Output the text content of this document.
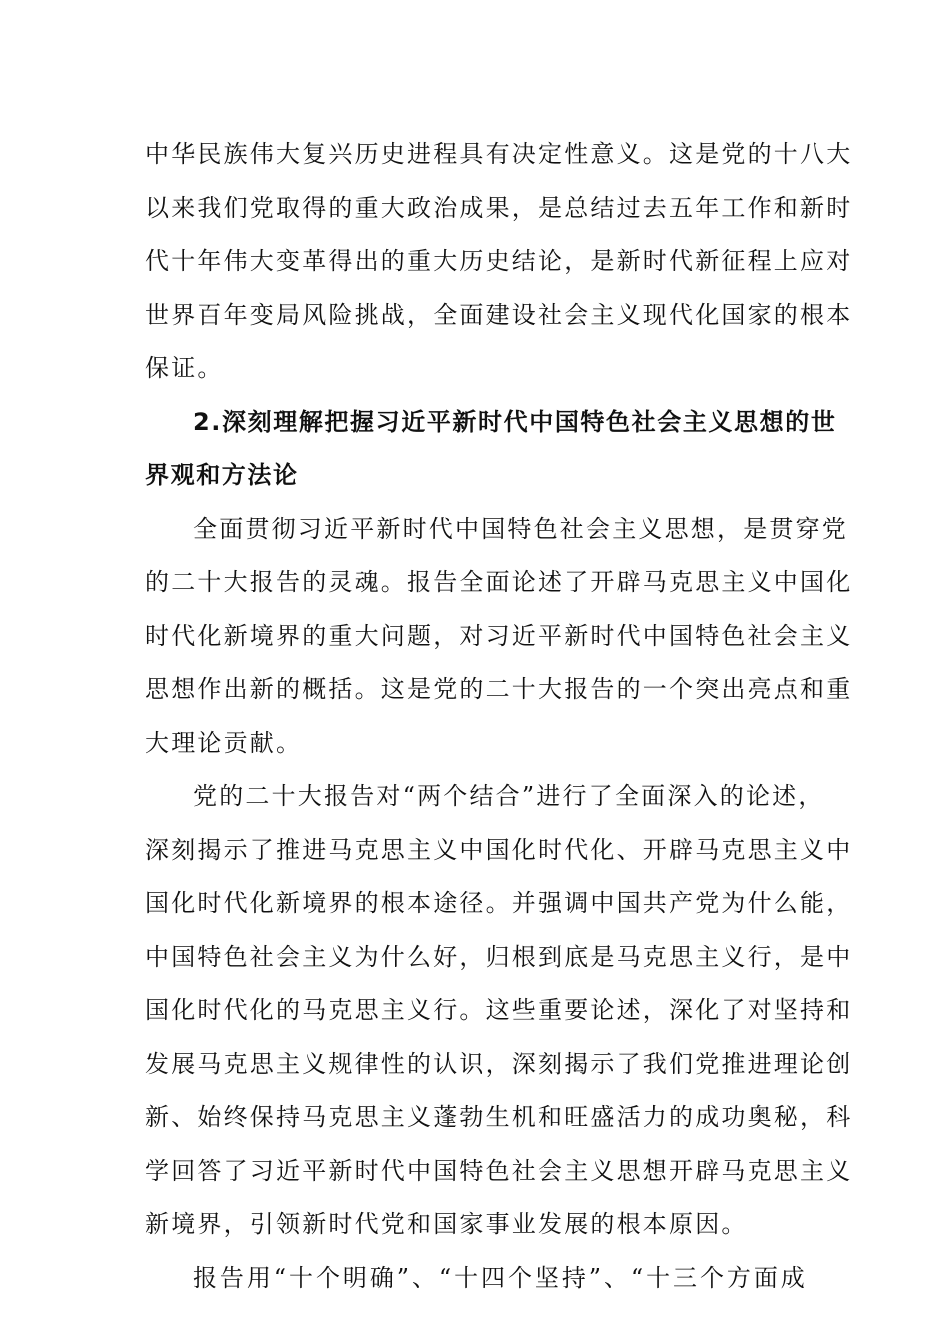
中华民族伟大复兴历史进程具有决定性意义。这是党的十八大
以来我们党取得的重大政治成果，是总结过去五年工作和新时
代十年伟大变革得出的重大历史结论，是新时代新征程上应对
世界百年变局风险挑战，全面建设社会主义现代化国家的根本
保证。
2.深刻理解把握习近平新时代中国特色社会主义思想的世
界观和方法论
全面贯彻习近平新时代中国特色社会主义思想，是贯穿党
的二十大报告的灵魂。报告全面论述了开辟马克思主义中国化
时代化新境界的重大问题，对习近平新时代中国特色社会主义
思想作出新的概括。这是党的二十大报告的一个突出亮点和重
大理论贡献。
党的二十大报告对“两个结合”进行了全面深入的论述，
深刻揭示了推进马克思主义中国化时代化、开辟马克思主义中
国化时代化新境界的根本途径。并强调中国共产党为什么能，
中国特色社会主义为什么好，归根到底是马克思主义行，是中
国化时代化的马克思主义行。这些重要论述，深化了对坚持和
发展马克思主义规律性的认识，深刻揭示了我们党推进理论创
新、始终保持马克思主义蓬勃生机和旺盛活力的成功奥秘，科
学回答了习近平新时代中国特色社会主义思想开辟马克思主义
新境界，引领新时代党和国家事业发展的根本原因。
报告用“十个明确”、“十四个坚持”、“十三个方面成
